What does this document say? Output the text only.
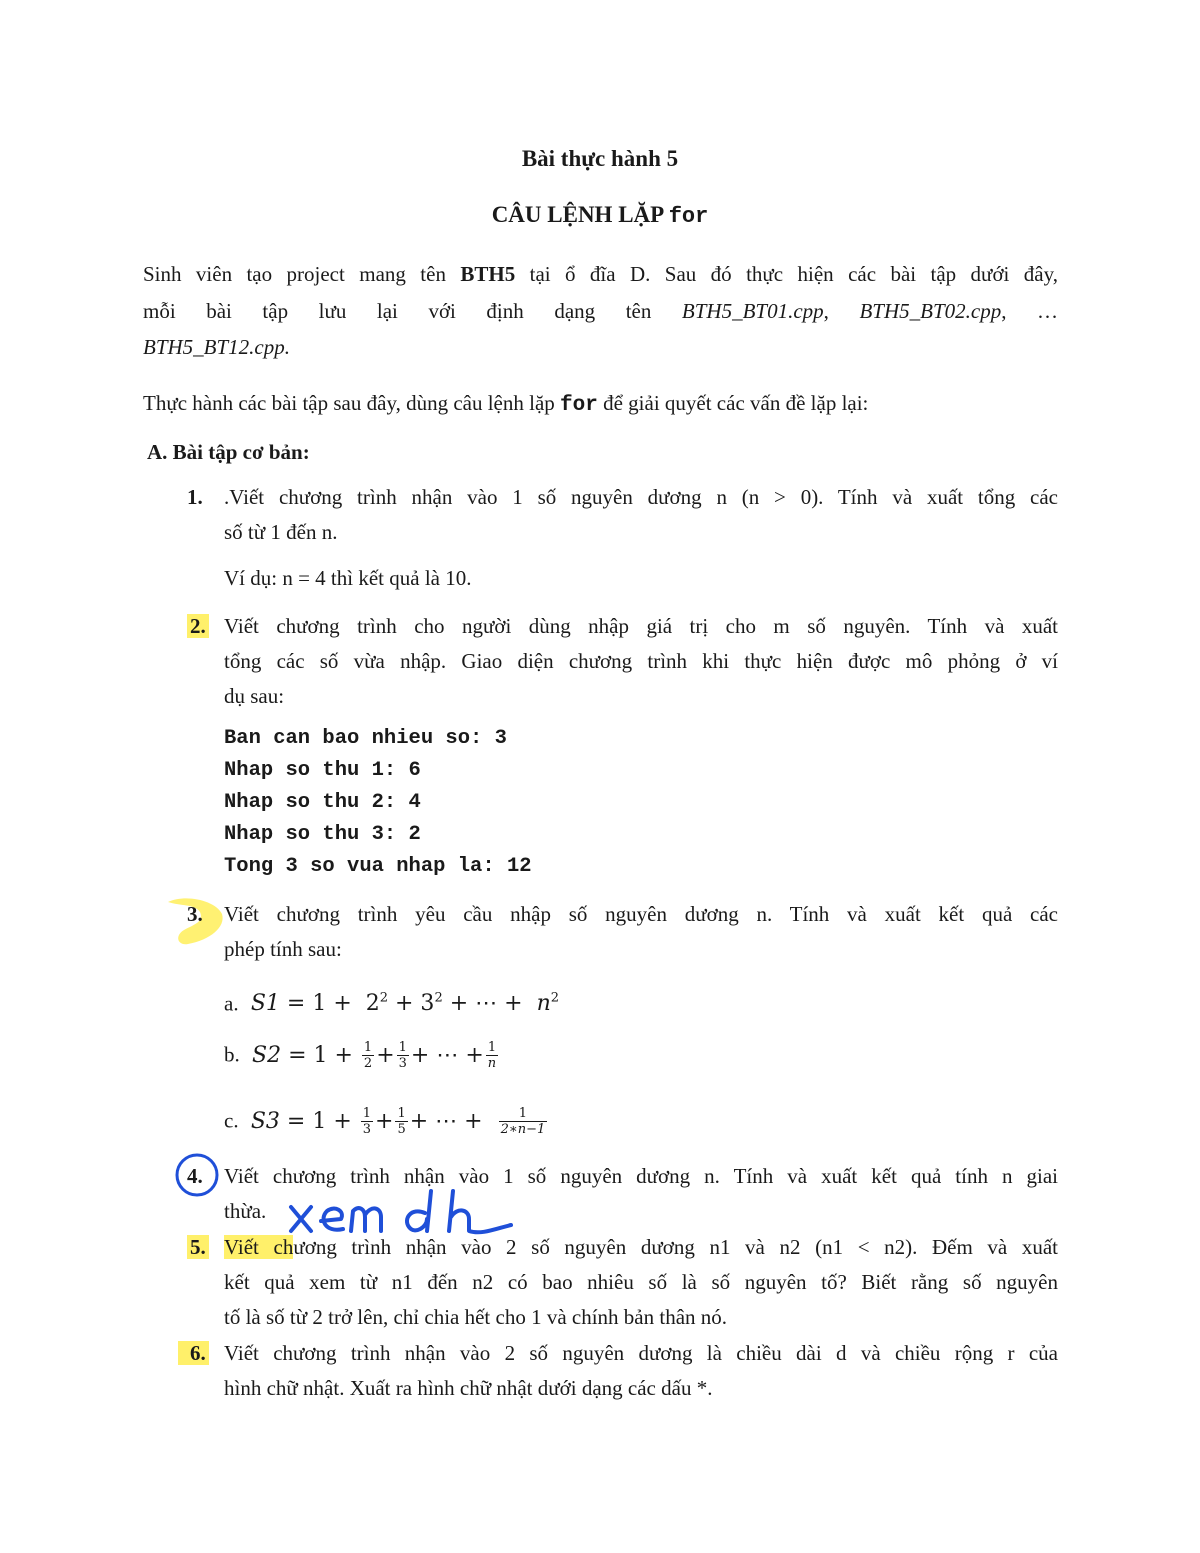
Bài thực hành 5
CÂU LỆNH LẶP for
Sinh viên tạo project mang tên BTH5 tại ổ đĩa D. Sau đó thực hiện các bài tập dưới đây,
mỗi bài tập lưu lại với định dạng tên BTH5_BT01.cpp, BTH5_BT02.cpp, …
BTH5_BT12.cpp.
Thực hành các bài tập sau đây, dùng câu lệnh lặp for để giải quyết các vấn đề lặp lại:
A. Bài tập cơ bản:
1. .Viết chương trình nhận vào 1 số nguyên dương n (n > 0). Tính và xuất tổng các
số từ 1 đến n.
Ví dụ: n = 4 thì kết quả là 10.
2. Viết chương trình cho người dùng nhập giá trị cho m số nguyên. Tính và xuất
tổng các số vừa nhập. Giao diện chương trình khi thực hiện được mô phỏng ở ví
dụ sau:
Ban can bao nhieu so: 3
Nhap so thu 1: 6
Nhap so thu 2: 4
Nhap so thu 3: 2
Tong 3 so vua nhap la: 12
3. Viết chương trình yêu cầu nhập số nguyên dương n. Tính và xuất kết quả các
phép tính sau:
a. $S1 = 1 + 2^2 + 3^2$ + ⋯ +  $n^2$
b. $S2 = 1 + \frac{1}{2} + \frac{1}{3}$ + ⋯ + $\frac{1}{n}$
c. $S3 = 1 + \frac{1}{3} + \frac{1}{5}$ + ⋯ + $\frac{1}{2∗n-1}$
4. Viết chương trình nhận vào 1 số nguyên dương n. Tính và xuất kết quả tính n giai
thừa.
5. Viết chương trình nhận vào 2 số nguyên dương n1 và n2 (n1 < n2). Đếm và xuất
kết quả xem từ n1 đến n2 có bao nhiêu số là số nguyên tố? Biết rằng số nguyên
tố là số từ 2 trở lên, chỉ chia hết cho 1 và chính bản thân nó.
6. Viết chương trình nhận vào 2 số nguyên dương là chiều dài d và chiều rộng r của
hình chữ nhật. Xuất ra hình chữ nhật dưới dạng các dấu *.
